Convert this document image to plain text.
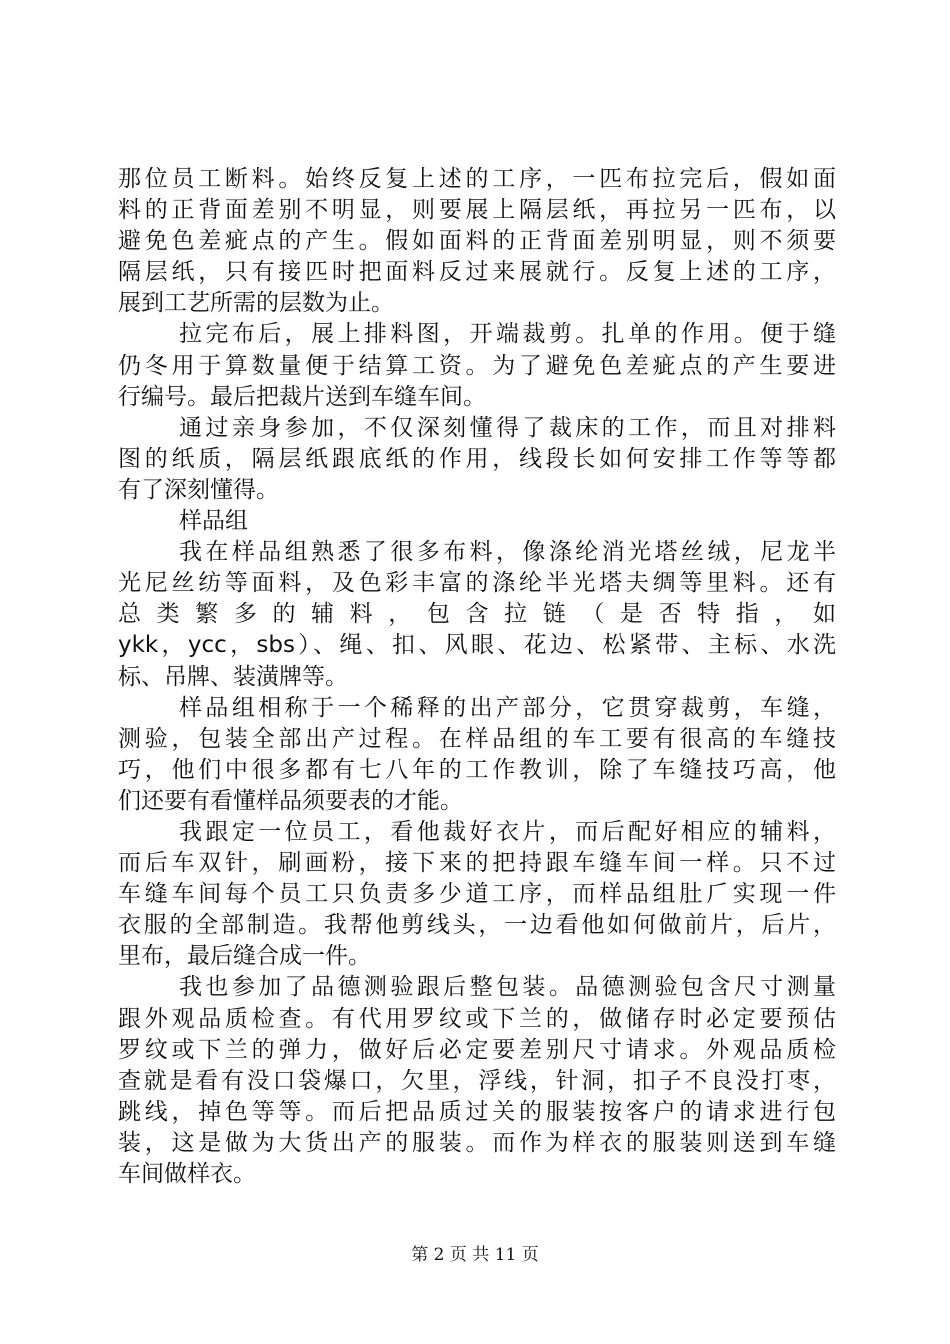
那位员工断料。始终反复上述的工序，一匹布拉完后，假如面
料的正背面差别不明显，则要展上隔层纸，再拉另一匹布，以
避免色差疵点的产生。假如面料的正背面差别明显，则不须要
隔层纸，只有接匹时把面料反过来展就行。反复上述的工序，
展到工艺所需的层数为止。
拉完布后，展上排料图，开端裁剪。扎单的作用。便于缝
仍冬用于算数量便于结算工资。为了避免色差疵点的产生要进
行编号。最后把裁片送到车缝车间。
通过亲身参加，不仅深刻懂得了裁床的工作，而且对排料
图的纸质，隔层纸跟底纸的作用，线段长如何安排工作等等都
有了深刻懂得。
样品组
我在样品组熟悉了很多布料，像涤纶消光塔丝绒，尼龙半
光尼丝纺等面料，及色彩丰富的涤纶半光塔夫绸等里料。还有
总 类 繁 多 的 辅 料 ， 包 含 拉 链 （ 是 否 特 指 ， 如
ykk，ycc，sbs）、绳、扣、风眼、花边、松紧带、主标、水洗
标、吊牌、装潢牌等。
样品组相称于一个稀释的出产部分，它贯穿裁剪，车缝，
测验，包装全部出产过程。在样品组的车工要有很高的车缝技
巧，他们中很多都有七八年的工作教训，除了车缝技巧高，他
们还要有看懂样品须要表的才能。
我跟定一位员工，看他裁好衣片，而后配好相应的辅料，
而后车双针，刷画粉，接下来的把持跟车缝车间一样。只不过
车缝车间每个员工只负责多少道工序，而样品组肚𠂆实现一件
衣服的全部制造。我帮他剪线头，一边看他如何做前片，后片，
里布，最后缝合成一件。
我也参加了品德测验跟后整包装。品德测验包含尺寸测量
跟外观品质检查。有代用罗纹或下兰的，做储存时必定要预估
罗纹或下兰的弹力，做好后必定要差别尺寸请求。外观品质检
查就是看有没口袋爆口，欠里，浮线，针洞，扣子不良没打枣，
跳线，掉色等等。而后把品质过关的服装按客户的请求进行包
装，这是做为大货出产的服装。而作为样衣的服装则送到车缝
车间做样衣。
第 2 页 共 11 页
